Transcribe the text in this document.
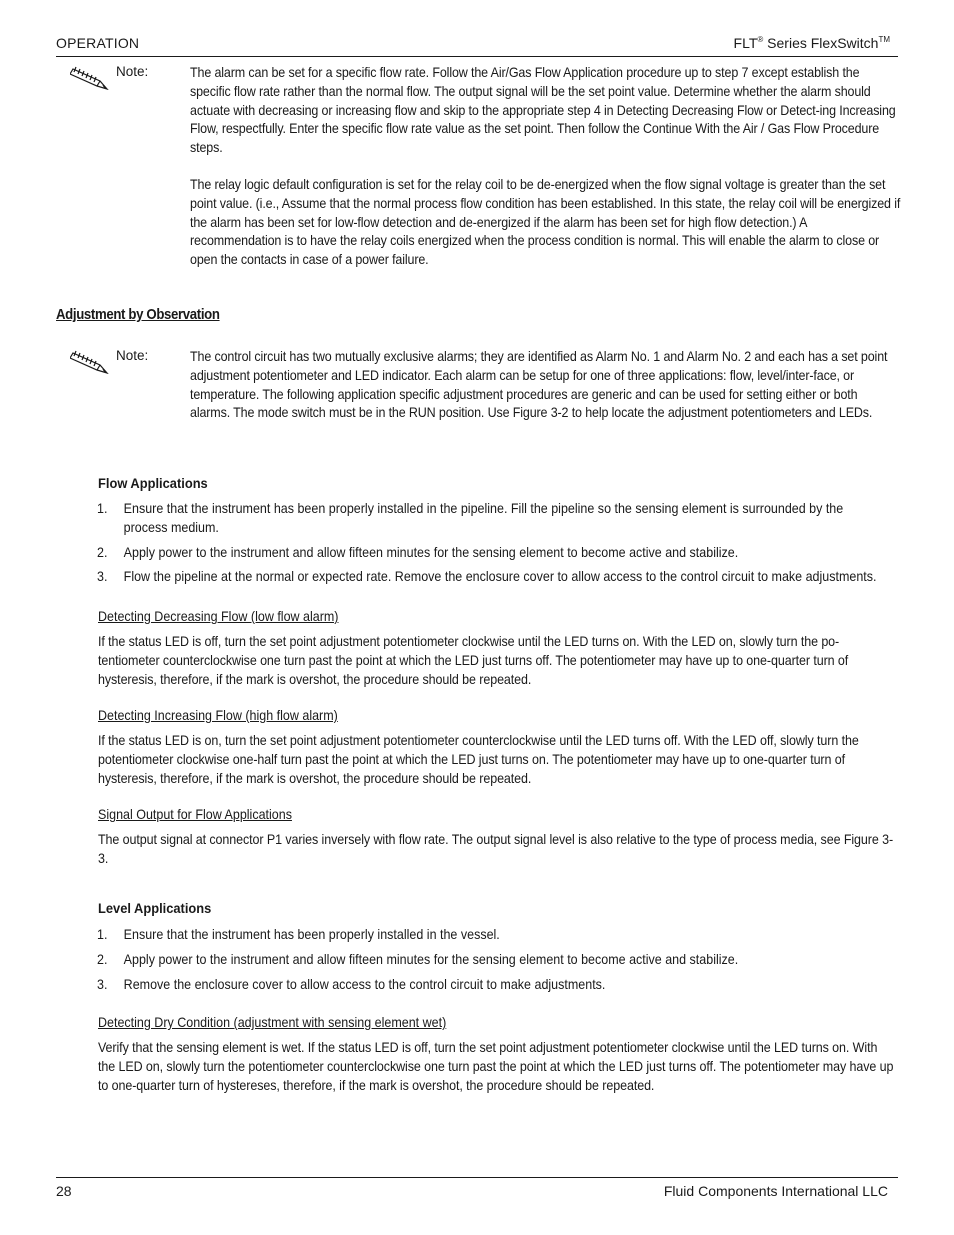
OPERATION	FLT® Series FlexSwitch™
Note:	The alarm can be set for a specific flow rate. Follow the Air/Gas Flow Application procedure up to step 7 except establish the specific flow rate rather than the normal flow. The output signal will be the set point value. Determine whether the alarm should actuate with decreasing or increasing flow and skip to the appropriate step 4 in Detecting Decreasing Flow or Detect-ing Increasing Flow, respectfully. Enter the specific flow rate value as the set point. Then follow the Continue With the Air / Gas Flow Procedure steps.

The relay logic default configuration is set for the relay coil to be de-energized when the flow signal voltage is greater than the set point value. (i.e., Assume that the normal process flow condition has been established. In this state, the relay coil will be energized if the alarm has been set for low-flow detection and de-energized if the alarm has been set for high flow detection.) A recommendation is to have the relay coils energized when the process condition is normal. This will enable the alarm to close or open the contacts in case of a power failure.

Adjustment by Observation
Note:	The control circuit has two mutually exclusive alarms; they are identified as Alarm No. 1 and Alarm No. 2 and each has a set point adjustment potentiometer and LED indicator. Each alarm can be setup for one of three applications: flow, level/inter-face, or temperature. The following application specific adjustment procedures are generic and can be used for setting either or both alarms. The mode switch must be in the RUN position. Use Figure 3-2 to help locate the adjustment potentiometers and LEDs.

Flow Applications
1. Ensure that the instrument has been properly installed in the pipeline. Fill the pipeline so the sensing element is surrounded by the process medium.
2. Apply power to the instrument and allow fifteen minutes for the sensing element to become active and stabilize.
3. Flow the pipeline at the normal or expected rate. Remove the enclosure cover to allow access to the control circuit to make adjustments.
Detecting Decreasing Flow (low flow alarm)

If the status LED is off, turn the set point adjustment potentiometer clockwise until the LED turns on. With the LED on, slowly turn the po-tentiometer counterclockwise one turn past the point at which the LED just turns off. The potentiometer may have up to one-quarter turn of hysteresis, therefore, if the mark is overshot, the procedure should be repeated.

Detecting Increasing Flow (high flow alarm)

If the status LED is on, turn the set point adjustment potentiometer counterclockwise until the LED turns off. With the LED off, slowly turn the potentiometer clockwise one-half turn past the point at which the LED just turns on. The potentiometer may have up to one-quarter turn of hysteresis, therefore, if the mark is overshot, the procedure should be repeated.

Signal Output for Flow Applications

The output signal at connector P1 varies inversely with flow rate. The output signal level is also relative to the type of process media, see Figure 3-3.

Level Applications
1. Ensure that the instrument has been properly installed in the vessel.
2. Apply power to the instrument and allow fifteen minutes for the sensing element to become active and stabilize.
3. Remove the enclosure cover to allow access to the control circuit to make adjustments.
Detecting Dry Condition (adjustment with sensing element wet)

Verify that the sensing element is wet. If the status LED is off, turn the set point adjustment potentiometer clockwise until the LED turns on. With the LED on, slowly turn the potentiometer counterclockwise one turn past the point at which the LED just turns off. The potentiometer may have up to one-quarter turn of hystereses, therefore, if the mark is overshot, the procedure should be repeated.

28	Fluid Components International LLC
